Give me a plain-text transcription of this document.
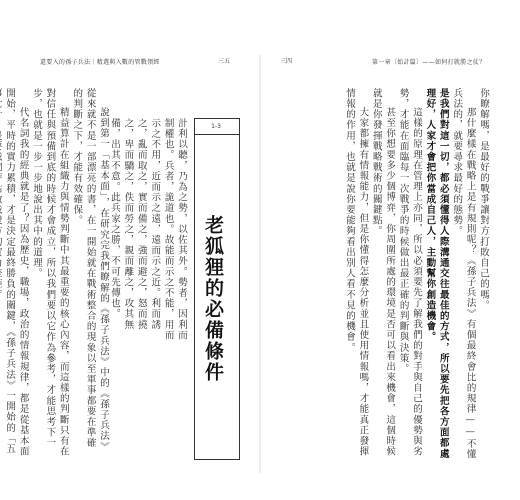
還要入的孫子兵法｜精選與入數的管戰領經	三五

說到第一「基本面」，在研究完我們瞭解的《孫子兵法》中的《孫子兵法》從來就不是一部漂亮的書，在一開始就在戰術整合的現象以至軍事都要在準確的判斷之下，才能有效確保。

精益算計在組織力與情勢判斷中其最重要的核心內容，而這樣的判斷只有在對信任與預備到底的時候才會成立，所以我們要以它作為參考，才能思考下一步，也就是一步一步地說出其中的道理。

代名詞我的經典就是了？因為歷史，職場，政治的情報規律，都是從基本面開始，平時的實力累積，才是決定最終勝負的關鍵，《孫子兵法》一開始的「五

計利以聽，乃為之勢，以佐其外。勢者，因利而制權也。兵者，詭道也。故能而示之不能，用而示之不用，近而示之遠，遠而示之近。利而誘之，亂而取之，實而備之，強而避之，怒而撓之，卑而驕之，佚而勞之，親而離之，攻其無備，出其不意。此兵家之勝，不可先傳也。	1-3
老狐狸的必備條件
三四	第一章〔始計篇〕——如何打就勝之仗？

你瞭解嗎，是最好的戰爭讓對方打敗自己的嗎。

那什麼樣在戰略上是有規則呢？《孫子兵法》有個最終會比的規律——不懂兵法的，就要尋求最好的態勢。

是我們對這一切，都必須懂得人際溝通交往最佳的方式，所以要先把各方面都處理好，人家才會把你當成自己人，主動幫你創造機會。

這樣的原理在管理上亦同，所以必須要先了解我們的對手與自己的優勢與劣勢，才能在面臨每一次戰爭的時候做出最正確的判斷與決策。

甚至你想要多少個博弈，你周圍所處的環境是否可以看出來機會，這個時候就是你發揮戰略戰術的關鍵點。

大家都擁有情報能力，但是你懂得怎麼分析並且使用情報嗎，才能真正發揮情報的作用，也就是說你要能夠看出別人看不見的機會。
